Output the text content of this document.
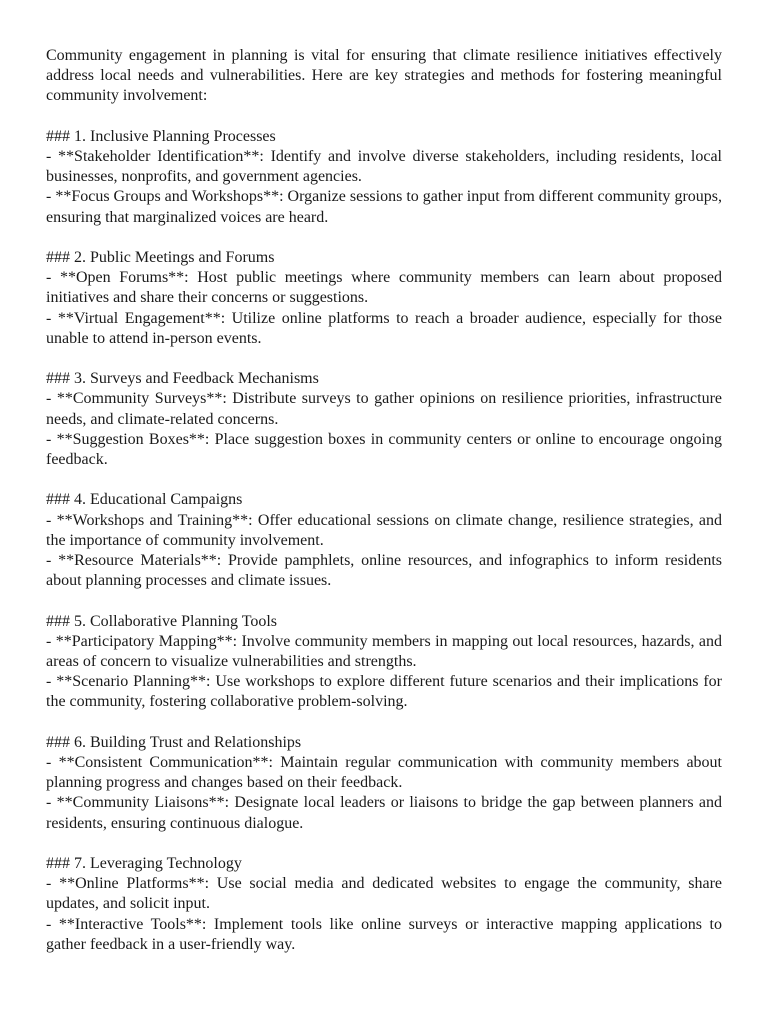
Community engagement in planning is vital for ensuring that climate resilience initiatives effectively address local needs and vulnerabilities. Here are key strategies and methods for fostering meaningful community involvement:

### 1. Inclusive Planning Processes

- **Stakeholder Identification**: Identify and involve diverse stakeholders, including residents, local businesses, nonprofits, and government agencies.

- **Focus Groups and Workshops**: Organize sessions to gather input from different community groups, ensuring that marginalized voices are heard.

### 2. Public Meetings and Forums

- **Open Forums**: Host public meetings where community members can learn about proposed initiatives and share their concerns or suggestions.

- **Virtual Engagement**: Utilize online platforms to reach a broader audience, especially for those unable to attend in-person events.

### 3. Surveys and Feedback Mechanisms

- **Community Surveys**: Distribute surveys to gather opinions on resilience priorities, infrastructure needs, and climate-related concerns.

- **Suggestion Boxes**: Place suggestion boxes in community centers or online to encourage ongoing feedback.

### 4. Educational Campaigns

- **Workshops and Training**: Offer educational sessions on climate change, resilience strategies, and the importance of community involvement.

- **Resource Materials**: Provide pamphlets, online resources, and infographics to inform residents about planning processes and climate issues.

### 5. Collaborative Planning Tools

- **Participatory Mapping**: Involve community members in mapping out local resources, hazards, and areas of concern to visualize vulnerabilities and strengths.

- **Scenario Planning**: Use workshops to explore different future scenarios and their implications for the community, fostering collaborative problem-solving.

### 6. Building Trust and Relationships

- **Consistent Communication**: Maintain regular communication with community members about planning progress and changes based on their feedback.

- **Community Liaisons**: Designate local leaders or liaisons to bridge the gap between planners and residents, ensuring continuous dialogue.

### 7. Leveraging Technology

- **Online Platforms**: Use social media and dedicated websites to engage the community, share updates, and solicit input.

- **Interactive Tools**: Implement tools like online surveys or interactive mapping applications to gather feedback in a user-friendly way.
